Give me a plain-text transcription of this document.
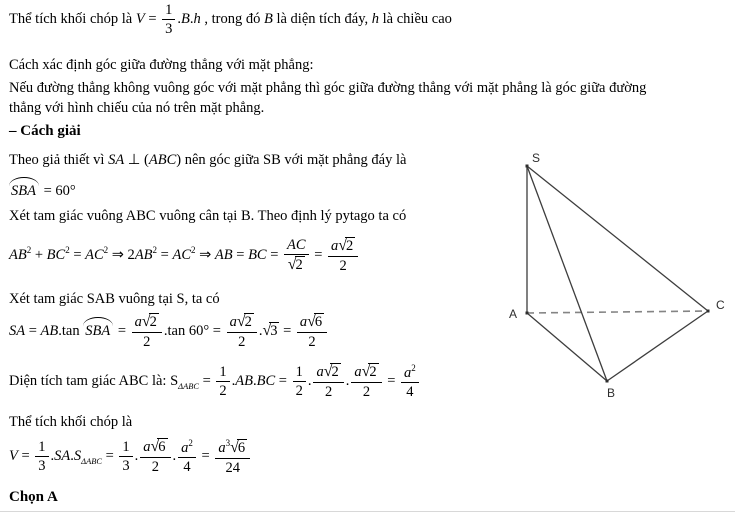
Thể tích khối chóp là $V = \frac{1}{3} .B.h$ , trong đó B là diện tích đáy, h là chiều cao
Cách xác định góc giữa đường thẳng với mặt phẳng:
Nếu đường thẳng không vuông góc với mặt phẳng thì góc giữa đường thẳng với mặt phẳng là góc giữa đường
thẳng với hình chiếu của nó trên mặt phẳng.
– Cách giải
Theo giả thiết vì SA ⊥ (ABC) nên góc giữa SB với mặt phẳng đáy là
SBA = 60°
Xét tam giác vuông ABC vuông cân tại B. Theo định lý pytago ta có
$AB^2 + BC^2 = AC^2$ ⇒ $2AB^2 = AC^2$ ⇒ AB = BC = $\frac{AC}{√2} = \frac{a√2}{2}$
Xét tam giác SAB vuông tại S, ta có
SA = AB.tan SBA = $\frac{a√2}{2} .\tan$ $60^\circ = \frac{a√2}{2} .√3 = \frac{a√6}{2}$
Diện tích tam giác ABC là: $S_{\Delta ABC} = \frac{1}{2} .AB.BC = \frac{1}{2}$ . $\frac{a√2}{2}$ . $\frac{a√2}{2} = \frac{a^2}{4}$
Thể tích khối chóp là
$V = \frac{1}{3} .SA.S_{\Delta ABC} = \frac{1}{3}$ . $\frac{a√6}{2}$ . $\frac{a^2}{4} = \frac{a^3√6}{24}$
Chọn A
S
A
B
C
